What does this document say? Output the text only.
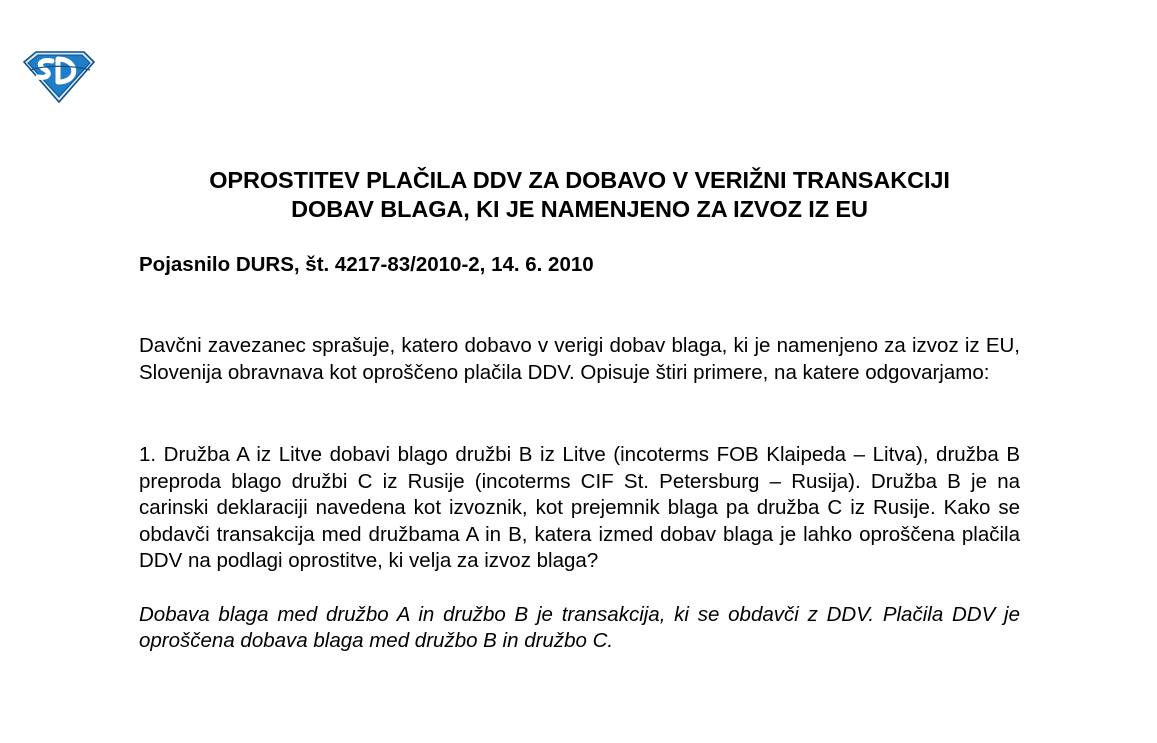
OPROSTITEV PLAČILA DDV ZA DOBAVO V VERIŽNI TRANSAKCIJI
DOBAV BLAGA, KI JE NAMENJENO ZA IZVOZ IZ EU

Pojasnilo DURS, št. 4217-83/2010-2, 14. 6. 2010

Davčni zavezanec sprašuje, katero dobavo v verigi dobav blaga, ki je namenjeno za izvoz iz EU, Slovenija obravnava kot oproščeno plačila DDV. Opisuje štiri primere, na katere odgovarjamo:

1. Družba A iz Litve dobavi blago družbi B iz Litve (incoterms FOB Klaipeda – Litva), družba B preproda blago družbi C iz Rusije (incoterms CIF St. Petersburg – Rusija). Družba B je na carinski deklaraciji navedena kot izvoznik, kot prejemnik blaga pa družba C iz Rusije. Kako se obdavči transakcija med družbama A in B, katera izmed dobav blaga je lahko oproščena plačila DDV na podlagi oprostitve, ki velja za izvoz blaga?

Dobava blaga med družbo A in družbo B je transakcija, ki se obdavči z DDV. Plačila DDV je oproščena dobava blaga med družbo B in družbo C.
